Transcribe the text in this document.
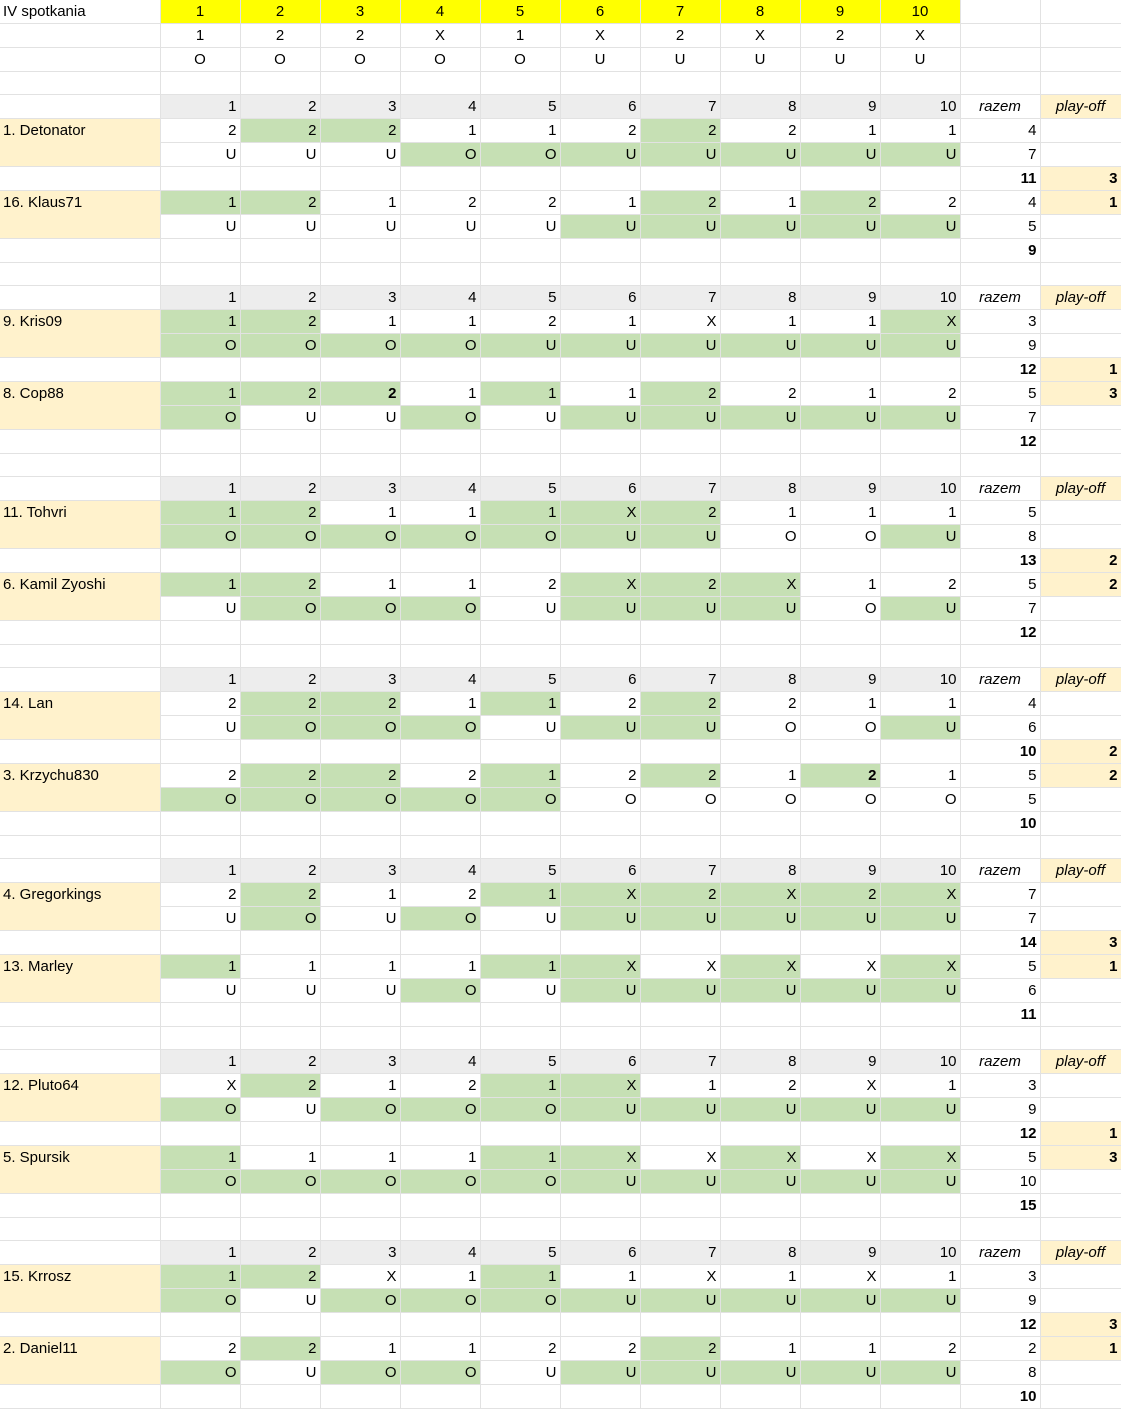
IV spotkania	1	2	3	4	5	6	7	8	9	10		
	1	2	2	X	1	X	2	X	2	X		
	O	O	O	O	O	U	U	U	U	U		

	1	2	3	4	5	6	7	8	9	10	razem	play-off
1. Detonator	2	2	2	1	1	2	2	2	1	1	4	
	U	U	U	O	O	U	U	U	U	U	7	
											11	3
16. Klaus71	1	2	1	2	2	1	2	1	2	2	4	1
	U	U	U	U	U	U	U	U	U	U	5	
											9	

	1	2	3	4	5	6	7	8	9	10	razem	play-off
9. Kris09	1	2	1	1	2	1	X	1	1	X	3	
	O	O	O	O	U	U	U	U	U	U	9	
											12	1
8. Cop88	1	2	2	1	1	1	2	2	1	2	5	3
	O	U	U	O	U	U	U	U	U	U	7	
											12	

	1	2	3	4	5	6	7	8	9	10	razem	play-off
11. Tohvri	1	2	1	1	1	X	2	1	1	1	5	
	O	O	O	O	O	U	U	O	O	U	8	
											13	2
6. Kamil Zyoshi	1	2	1	1	2	X	2	X	1	2	5	2
	U	O	O	O	U	U	U	U	O	U	7	
											12	

	1	2	3	4	5	6	7	8	9	10	razem	play-off
14. Lan	2	2	2	1	1	2	2	2	1	1	4	
	U	O	O	O	U	U	U	O	O	U	6	
											10	2
3. Krzychu830	2	2	2	2	1	2	2	1	2	1	5	2
	O	O	O	O	O	O	O	O	O	O	5	
											10	

	1	2	3	4	5	6	7	8	9	10	razem	play-off
4. Gregorkings	2	2	1	2	1	X	2	X	2	X	7	
	U	O	U	O	U	U	U	U	U	U	7	
											14	3
13. Marley	1	1	1	1	1	X	X	X	X	X	5	1
	U	U	U	O	U	U	U	U	U	U	6	
											11	

	1	2	3	4	5	6	7	8	9	10	razem	play-off
12. Pluto64	X	2	1	2	1	X	1	2	X	1	3	
	O	U	O	O	O	U	U	U	U	U	9	
											12	1
5. Spursik	1	1	1	1	1	X	X	X	X	X	5	3
	O	O	O	O	O	U	U	U	U	U	10	
											15	

	1	2	3	4	5	6	7	8	9	10	razem	play-off
15. Krrosz	1	2	X	1	1	1	X	1	X	1	3	
	O	U	O	O	O	U	U	U	U	U	9	
											12	3
2. Daniel11	2	2	1	1	2	2	2	1	1	2	2	1
	O	U	O	O	U	U	U	U	U	U	8	
											10	
